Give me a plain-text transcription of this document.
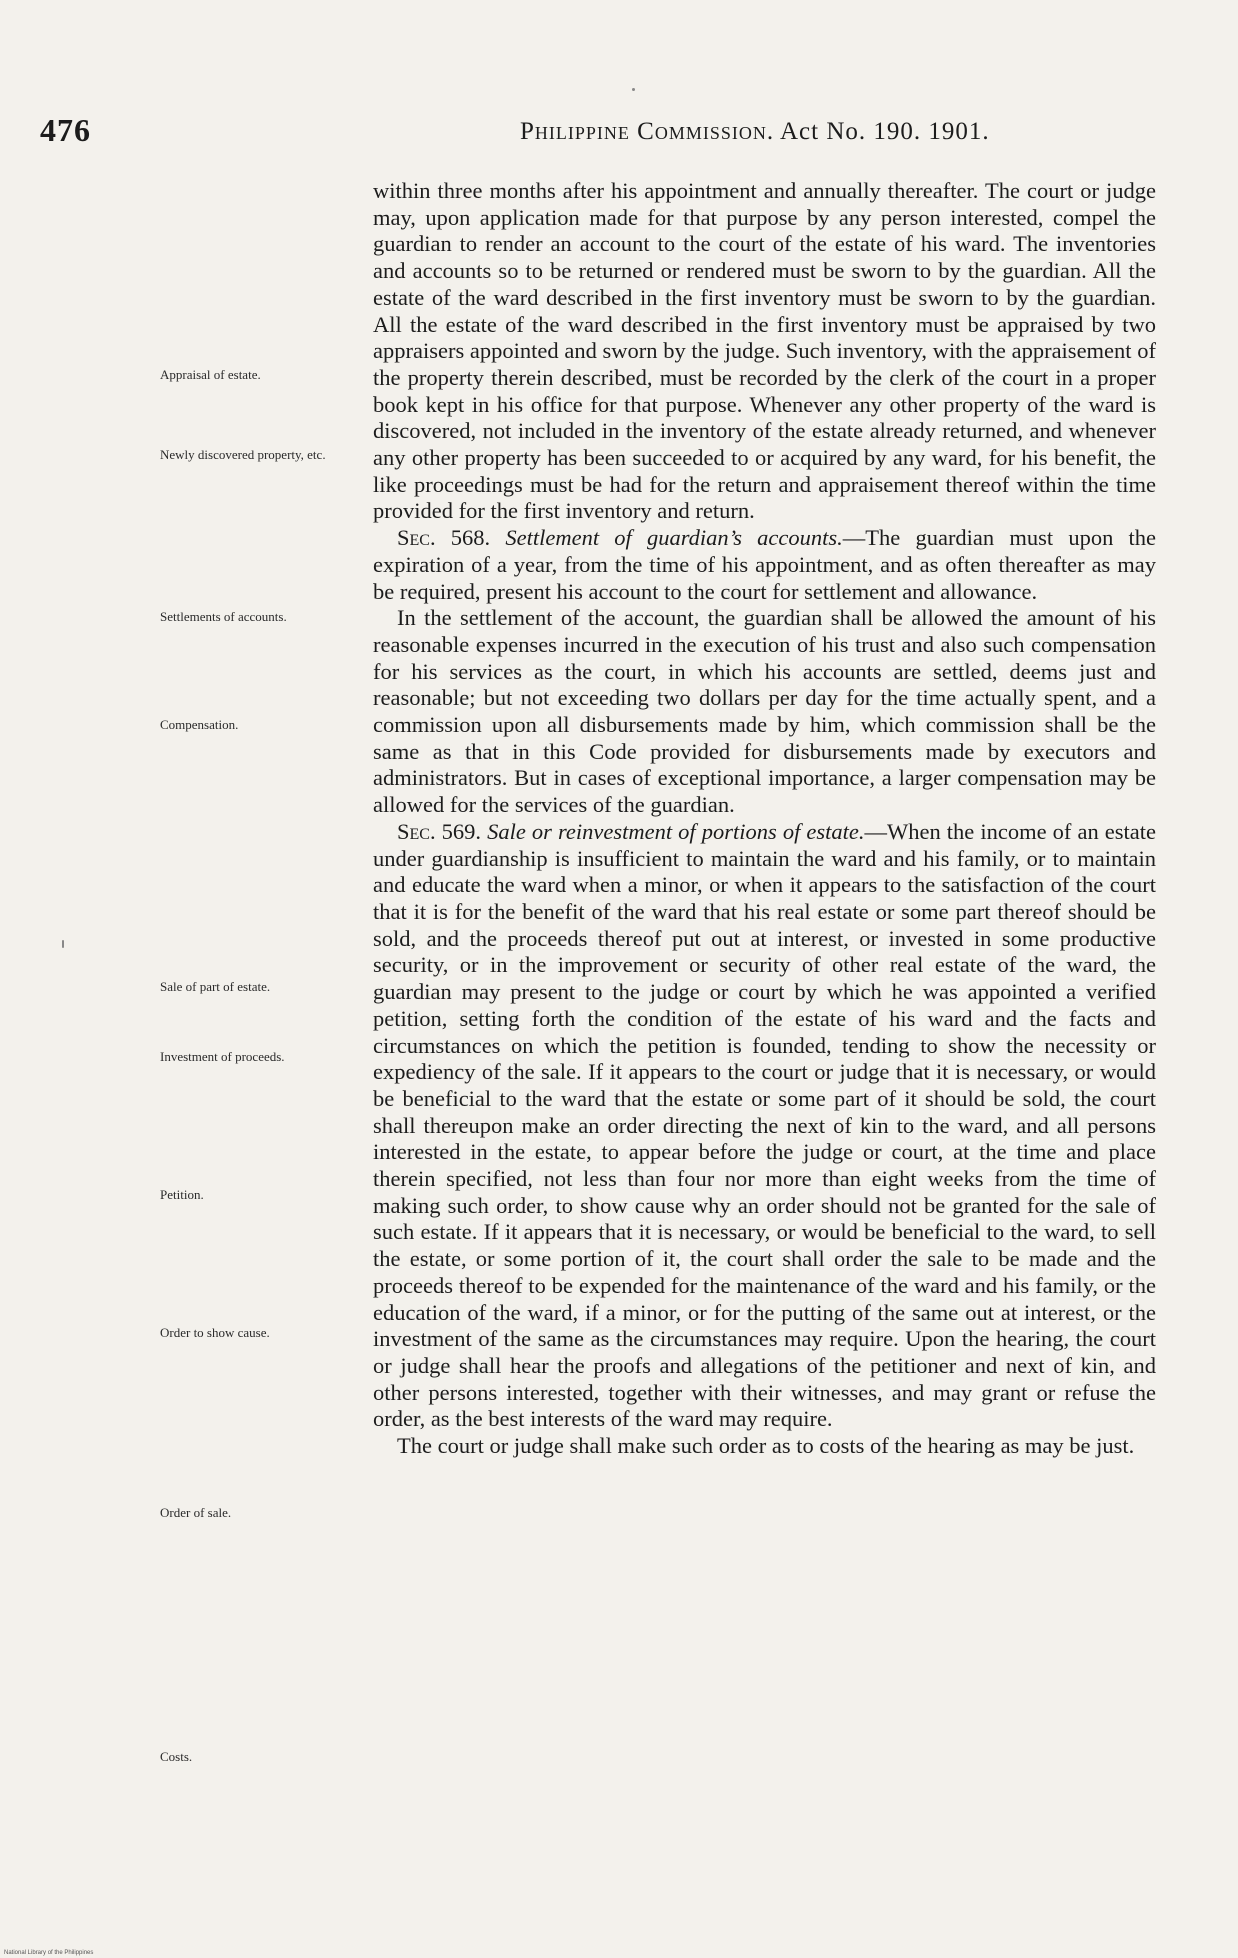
476	Philippine Commission. Act No. 190. 1901.
Appraisal of estate.
Newly discovered property, etc.
Settlements of accounts.
Compensation.
Sale of part of estate.
Investment of proceeds.
Petition.
Order to show cause.
Order of sale.
Costs.

within three months after his appointment and annually thereafter. The court or judge may, upon application made for that purpose by any person interested, compel the guardian to render an account to the court of the estate of his ward. The inventories and accounts so to be returned or rendered must be sworn to by the guardian. All the estate of the ward described in the first inventory must be sworn to by the guardian. All the estate of the ward described in the first inventory must be appraised by two appraisers appointed and sworn by the judge. Such inventory, with the appraisement of the property therein described, must be recorded by the clerk of the court in a proper book kept in his office for that purpose. Whenever any other property of the ward is discovered, not included in the inventory of the estate already returned, and whenever any other property has been succeeded to or acquired by any ward, for his benefit, the like proceedings must be had for the return and appraisement thereof within the time provided for the first inventory and return.

Sec. 568. Settlement of guardian’s accounts.—The guardian must upon the expiration of a year, from the time of his appointment, and as often thereafter as may be required, present his account to the court for settlement and allowance.

In the settlement of the account, the guardian shall be allowed the amount of his reasonable expenses incurred in the execution of his trust and also such compensation for his services as the court, in which his accounts are settled, deems just and reasonable; but not exceeding two dollars per day for the time actually spent, and a commission upon all disbursements made by him, which commission shall be the same as that in this Code provided for disbursements made by executors and administrators. But in cases of exceptional importance, a larger compensation may be allowed for the services of the guardian.

Sec. 569. Sale or reinvestment of portions of estate.—When the income of an estate under guardianship is insufficient to maintain the ward and his family, or to maintain and educate the ward when a minor, or when it appears to the satisfaction of the court that it is for the benefit of the ward that his real estate or some part thereof should be sold, and the proceeds thereof put out at interest, or invested in some productive security, or in the improvement or security of other real estate of the ward, the guardian may present to the judge or court by which he was appointed a verified petition, setting forth the condition of the estate of his ward and the facts and circumstances on which the petition is founded, tending to show the necessity or expediency of the sale. If it appears to the court or judge that it is necessary, or would be beneficial to the ward that the estate or some part of it should be sold, the court shall thereupon make an order directing the next of kin to the ward, and all persons interested in the estate, to appear before the judge or court, at the time and place therein specified, not less than four nor more than eight weeks from the time of making such order, to show cause why an order should not be granted for the sale of such estate. If it appears that it is necessary, or would be beneficial to the ward, to sell the estate, or some portion of it, the court shall order the sale to be made and the proceeds thereof to be expended for the maintenance of the ward and his family, or the education of the ward, if a minor, or for the putting of the same out at interest, or the investment of the same as the circumstances may require. Upon the hearing, the court or judge shall hear the proofs and allegations of the petitioner and next of kin, and other persons interested, together with their witnesses, and may grant or refuse the order, as the best interests of the ward may require.

The court or judge shall make such order as to costs of the hearing as may be just.

National Library of the Philippines
